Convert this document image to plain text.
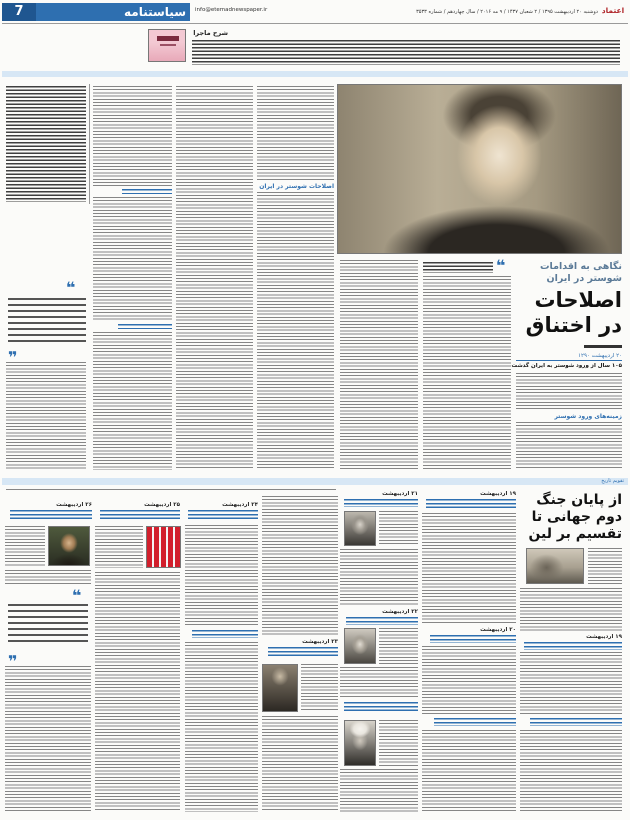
7	سیاستنامه info@etemadnewspaper.ir	دوشنبه ۲۰ اردیبهشت ۱۳۹۵ / ۲ شعبان ۱۴۳۷ / ۹ مه ۲۰۱۶ / سال چهاردهم / شماره ۳۵۳۳ اعتماد
شرح ماجرا
❝
❝
اصلاحات شوستر در ایران
❝
نگاهی به اقدامات شوستر در ایران
اصلاحات در اختناق
۲۰ اردیبهشت ۱۲۹۰
۱۰۵ سال از ورود شوستر به ایران گذشت
زمینه‌های ورود شوستر
تقویم تاریخ
از پایان جنگ دوم جهانی تا تقسیم بر لین
۱۹ اردیبهشت
۱۹ اردیبهشت
۲۰ اردیبهشت
۲۱ اردیبهشت
۲۲ اردیبهشت
۲۳ اردیبهشت
۲۴ اردیبهشت
۲۵ اردیبهشت
۲۶ اردیبهشت
❝
❝
